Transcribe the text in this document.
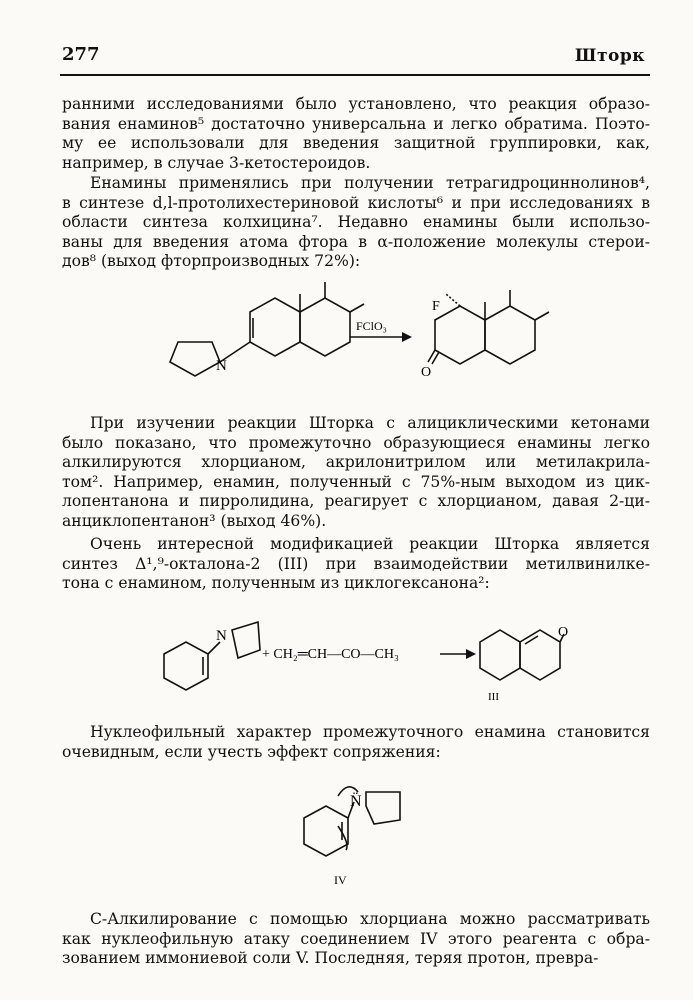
277	Шторк
ранними исследованиями было установлено, что реакция образо-
вания енаминов⁵ достаточно универсальна и легко обратима. Поэто-
му ее использовали для введения защитной группировки, как,
например, в случае 3-кетостероидов.
Енамины применялись при получении тетрагидроциннолинов⁴,
в синтезе d,l-протолихестериновой кислоты⁶ и при исследованиях в
области синтеза колхицина⁷. Недавно енамины были использо-
ваны для введения атома фтора в α-положение молекулы стерои-
дов⁸ (выход фторпроизводных 72%):
N
FClO₃
F
O
При изучении реакции Шторка с алициклическими кетонами
было показано, что промежуточно образующиеся енамины легко
алкилируются хлорцианом, акрилонитрилом или метилакрила-
том². Например, енамин, полученный с 75%-ным выходом из цик-
лопентанона и пирролидина, реагирует с хлорцианом, давая 2-ци-
анциклопентанон³ (выход 46%).
Очень интересной модификацией реакции Шторка является
синтез Δ¹,⁹-окталона-2 (III) при взаимодействии метилвинилке-
тона с енамином, полученным из циклогексанона²:
N
+ CH₂═CH—CO—CH₃
O
III
Нуклеофильный характер промежуточного енамина становится
очевидным, если учесть эффект сопряжения:
N̈
IV
С-Алкилирование с помощью хлорциана можно рассматривать
как нуклеофильную атаку соединением IV этого реагента с обра-
зованием иммониевой соли V. Последняя, теряя протон, превра-
